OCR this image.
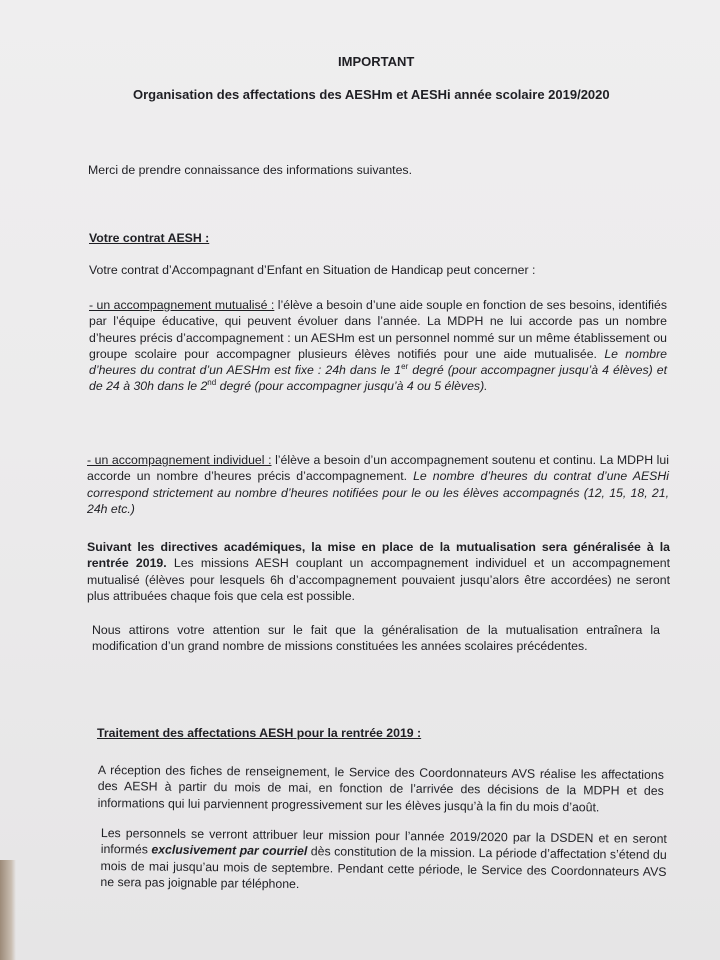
IMPORTANT
Organisation des affectations des AESHm et AESHi année scolaire 2019/2020
Merci de prendre connaissance des informations suivantes.
Votre contrat AESH :
Votre contrat d’Accompagnant d’Enfant en Situation de Handicap peut concerner :

- un accompagnement mutualisé : l’élève a besoin d’une aide souple en fonction de ses besoins, identifiés par l’équipe éducative, qui peuvent évoluer dans l’année. La MDPH ne lui accorde pas un nombre d’heures précis d’accompagnement : un AESHm est un personnel nommé sur un même établissement ou groupe scolaire pour accompagner plusieurs élèves notifiés pour une aide mutualisée. Le nombre d’heures du contrat d’un AESHm est fixe : 24h dans le 1er degré (pour accompagner jusqu’à 4 élèves) et de 24 à 30h dans le 2nd degré (pour accompagner jusqu’à 4 ou 5 élèves).

- un accompagnement individuel : l’élève a besoin d’un accompagnement soutenu et continu. La MDPH lui accorde un nombre d’heures précis d’accompagnement. Le nombre d’heures du contrat d’une AESHi correspond strictement au nombre d’heures notifiées pour le ou les élèves accompagnés (12, 15, 18, 21, 24h etc.)

Suivant les directives académiques, la mise en place de la mutualisation sera généralisée à la rentrée 2019. Les missions AESH couplant un accompagnement individuel et un accompagnement mutualisé (élèves pour lesquels 6h d’accompagnement pouvaient jusqu’alors être accordées) ne seront plus attribuées chaque fois que cela est possible.

Nous attirons votre attention sur le fait que la généralisation de la mutualisation entraînera la modification d’un grand nombre de missions constituées les années scolaires précédentes.

Traitement des affectations AESH pour la rentrée 2019 :

A réception des fiches de renseignement, le Service des Coordonnateurs AVS réalise les affectations des AESH à partir du mois de mai, en fonction de l’arrivée des décisions de la MDPH et des informations qui lui parviennent progressivement sur les élèves jusqu’à la fin du mois d’août.

Les personnels se verront attribuer leur mission pour l’année 2019/2020 par la DSDEN et en seront informés exclusivement par courriel dès constitution de la mission. La période d’affectation s’étend du mois de mai jusqu’au mois de septembre. Pendant cette période, le Service des Coordonnateurs AVS ne sera pas joignable par téléphone.
